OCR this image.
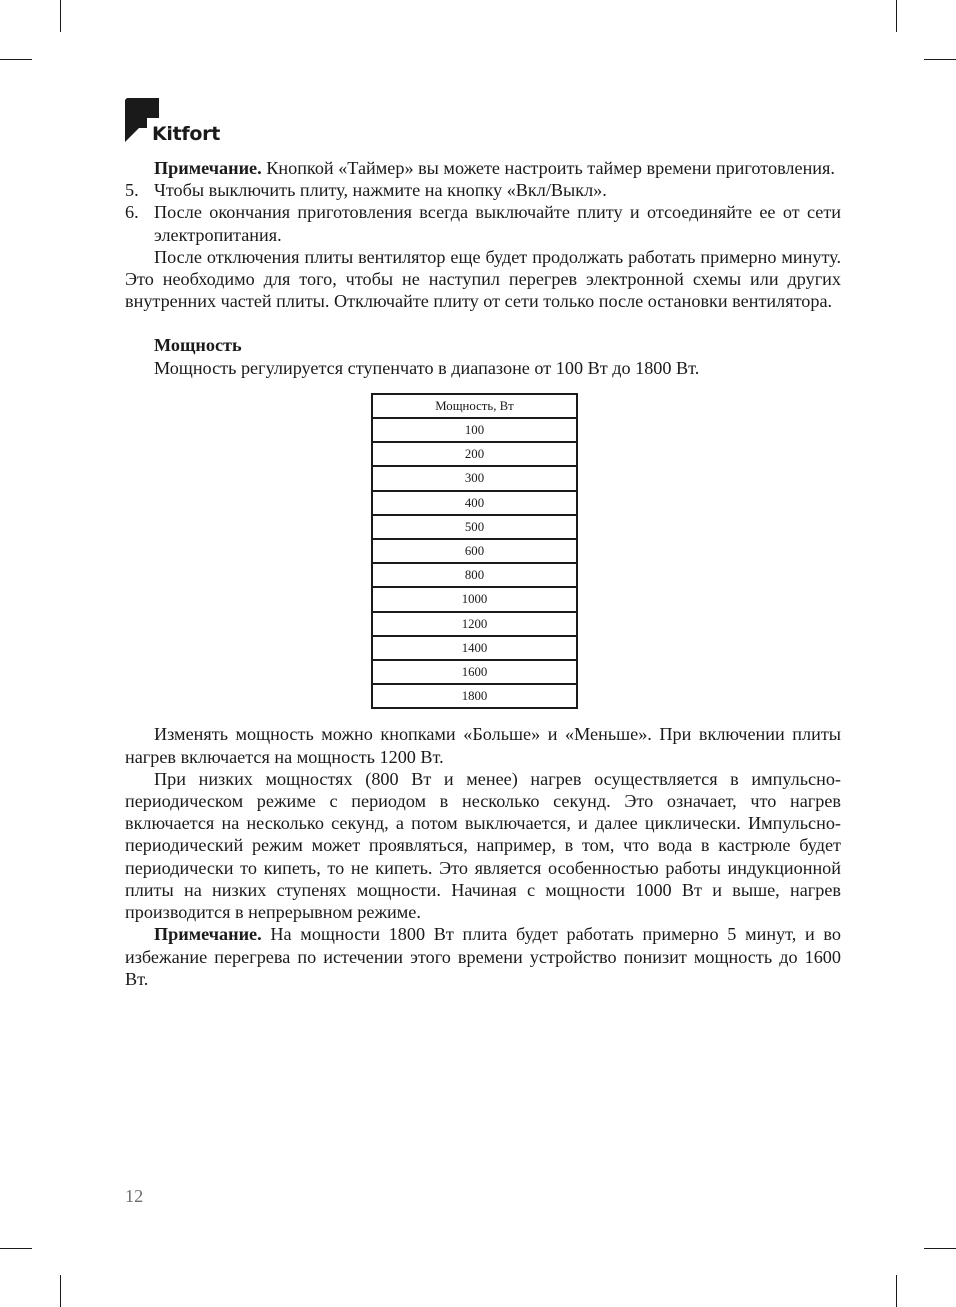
Kitfort

Примечание. Кнопкой «Таймер» вы можете настроить таймер времени приготовления.

5. Чтобы выключить плиту, нажмите на кнопку «Вкл/Выкл».

6. После окончания приготовления всегда выключайте плиту и отсоединяйте ее от сети электропитания.

После отключения плиты вентилятор еще будет продолжать работать примерно минуту. Это необходимо для того, чтобы не наступил перегрев электронной схемы или других внутренних частей плиты. Отключайте плиту от сети только после остановки вентилятора.

Мощность

Мощность регулируется ступенчато в диапазоне от 100 Вт до 1800 Вт.

Мощность, Вт
100
200
300
400
500
600
800
1000
1200
1400
1600
1800

Изменять мощность можно кнопками «Больше» и «Меньше». При включении плиты нагрев включается на мощность 1200 Вт.

При низких мощностях (800 Вт и менее) нагрев осуществляется в импульсно-периодическом режиме с периодом в несколько секунд. Это означает, что нагрев включается на несколько секунд, а потом выключается, и далее циклически. Импульсно-периодический режим может проявляться, например, в том, что вода в кастрюле будет периодически то кипеть, то не кипеть. Это является особенностью работы индукционной плиты на низких ступенях мощности. Начиная с мощности 1000 Вт и выше, нагрев производится в непрерывном режиме.

Примечание. На мощности 1800 Вт плита будет работать примерно 5 минут, и во избежание перегрева по истечении этого времени устройство понизит мощность до 1600 Вт.

12
